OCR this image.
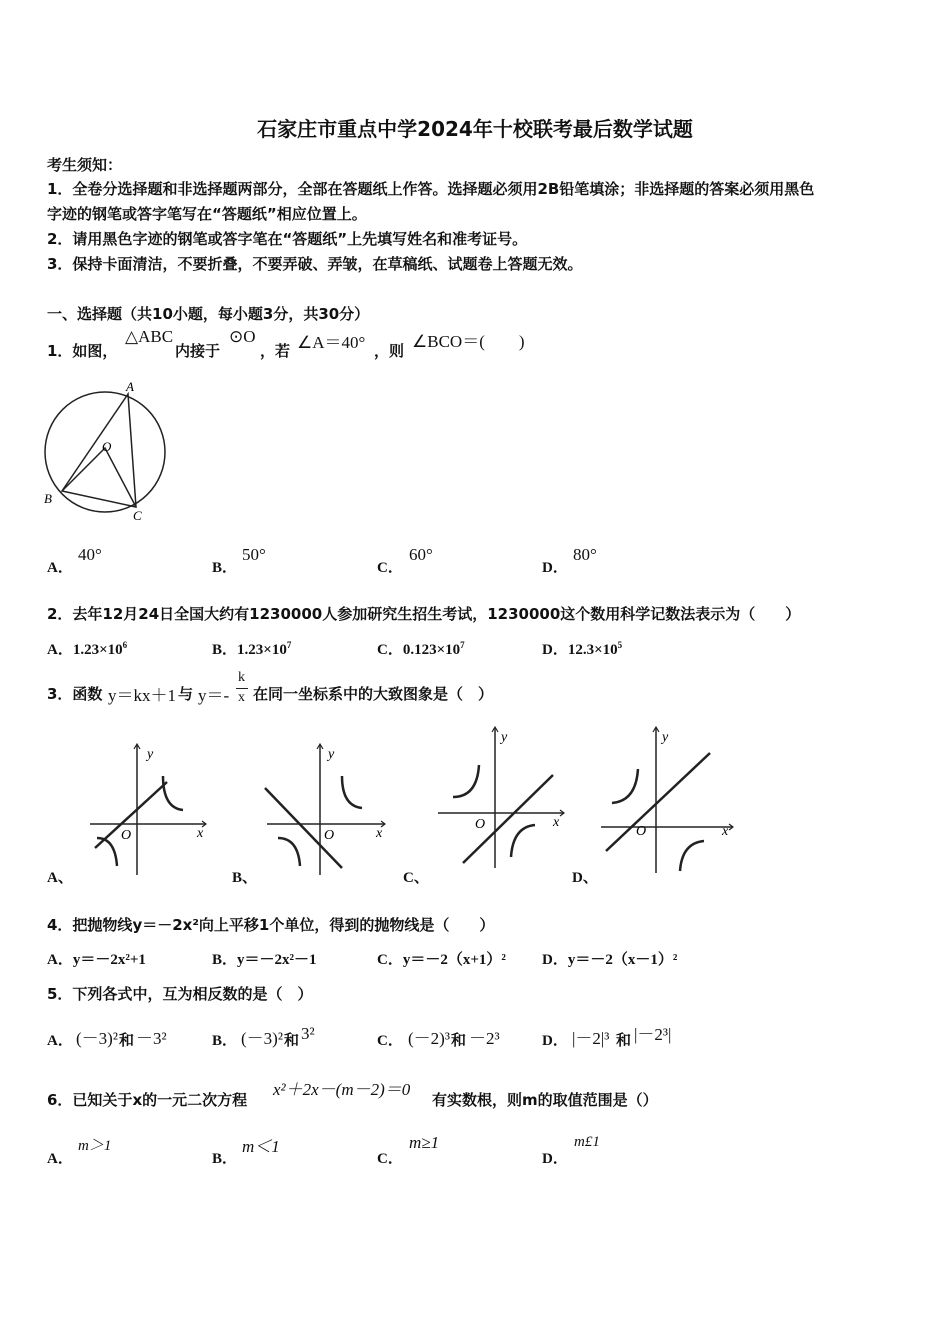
石家庄市重点中学2024年十校联考最后数学试题
考生须知：
1．全卷分选择题和非选择题两部分，全部在答题纸上作答。选择题必须用2B铅笔填涂；非选择题的答案必须用黑色
字迹的钢笔或答字笔写在“答题纸”相应位置上。
2．请用黑色字迹的钢笔或答字笔在“答题纸”上先填写姓名和准考证号。
3．保持卡面清洁，不要折叠，不要弄破、弄皱，在草稿纸、试题卷上答题无效。
一、选择题（共10小题，每小题3分，共30分）
1．如图，
△ABC
内接于
⊙O
，若 ∠A＝40° ，则 ∠BCO＝(　　)
A
O
B
C
A．
40°
B．
50°
C．
60°
D．
80°
2．去年12月24日全国大约有1230000人参加研究生招生考试，1230000这个数用科学记数法表示为（　　）
A．$1.23\times 10^6$	B．$1.23\times 10^7$	C．$0.123\times 10^7$	D．$12.3\times 10^5$
3．函数 y＝kx＋1 与 y＝-
k
x 在同一坐标系中的大致图象是（　）
y
x
O
A、
y
x
O
B、
y
x
O
C、
y
x
O
D、
4．把抛物线y＝－2x²向上平移1个单位，得到的抛物线是（　　）
A．y＝－2x²+1	B．y＝－2x²－1	C．y＝－2（x+1）² D．y＝－2（x－1）²
5．下列各式中，互为相反数的是（　）
A． (－3)² 和 －3²	B． (－3)² 和 3²	C． (－2)³ 和 －2³	D． |－2|³ 和 |－2³|
6．已知关于x的一元二次方程
x²＋2x－(m－2)＝0
有实数根，则m的取值范围是（）
A．
m＞1
B．
m＜1
C．
m≥1
D．
m£1
